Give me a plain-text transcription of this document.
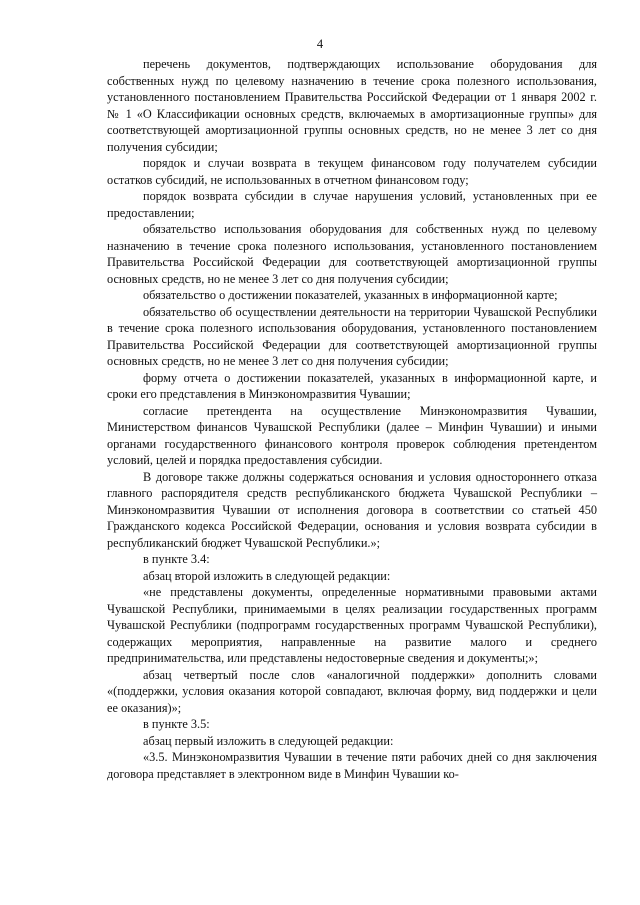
4

перечень документов, подтверждающих использование оборудования для собственных нужд по целевому назначению в течение срока полезного использования, установленного постановлением Правительства Российской Федерации от 1 января 2002 г. № 1 «О Классификации основных средств, включаемых в амортизационные группы» для соответствующей амортизационной группы основных средств, но не менее 3 лет со дня получения субсидии;

порядок и случаи возврата в текущем финансовом году получателем субсидии остатков субсидий, не использованных в отчетном финансовом году;

порядок возврата субсидии в случае нарушения условий, установленных при ее предоставлении;

обязательство использования оборудования для собственных нужд по целевому назначению в течение срока полезного использования, установленного постановлением Правительства Российской Федерации для соответствующей амортизационной группы основных средств, но не менее 3 лет со дня получения субсидии;

обязательство о достижении показателей, указанных в информационной карте;

обязательство об осуществлении деятельности на территории Чувашской Республики в течение срока полезного использования оборудования, установленного постановлением Правительства Российской Федерации для соответствующей амортизационной группы основных средств, но не менее 3 лет со дня получения субсидии;

форму отчета о достижении показателей, указанных в информационной карте, и сроки его представления в Минэкономразвития Чувашии;

согласие претендента на осуществление Минэкономразвития Чувашии, Министерством финансов Чувашской Республики (далее – Минфин Чувашии) и иными органами государственного финансового контроля проверок соблюдения претендентом условий, целей и порядка предоставления субсидии.

В договоре также должны содержаться основания и условия одностороннего отказа главного распорядителя средств республиканского бюджета Чувашской Республики – Минэкономразвития Чувашии от исполнения договора в соответствии со статьей 450 Гражданского кодекса Российской Федерации, основания и условия возврата субсидии в республиканский бюджет Чувашской Республики.»;

в пункте 3.4:

абзац второй изложить в следующей редакции:

«не представлены документы, определенные нормативными правовыми актами Чувашской Республики, принимаемыми в целях реализации государственных программ Чувашской Республики (подпрограмм государственных программ Чувашской Республики), содержащих мероприятия, направленные на развитие малого и среднего предпринимательства, или представлены недостоверные сведения и документы;»;

абзац четвертый после слов «аналогичной поддержки» дополнить словами «(поддержки, условия оказания которой совпадают, включая форму, вид поддержки и цели ее оказания)»;

в пункте 3.5:

абзац первый изложить в следующей редакции:

«3.5. Минэкономразвития Чувашии в течение пяти рабочих дней со дня заключения договора представляет в электронном виде в Минфин Чувашии ко-
